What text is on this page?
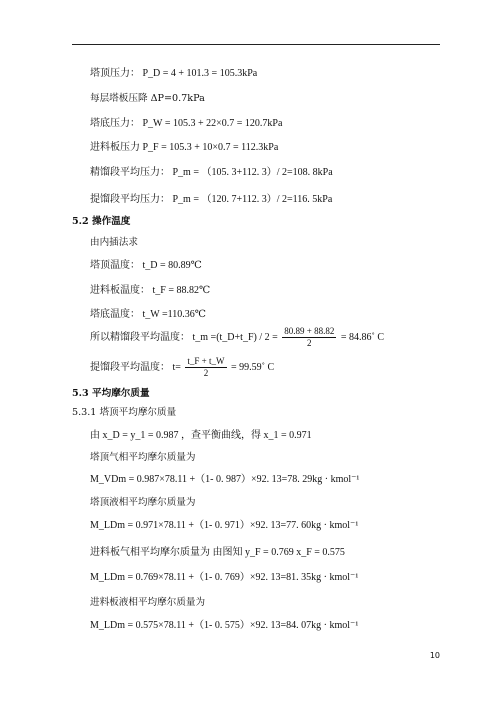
塔顶压力： P_D = 4 + 101.3 = 105.3kPa
每层塔板压降 ΔP=0.7kPa
塔底压力： P_W = 105.3 + 22×0.7 = 120.7kPa
进料板压力 P_F = 105.3 + 10×0.7 = 112.3kPa
精馏段平均压力： P_m = （105. 3+112. 3）/ 2=108. 8kPa
提馏段平均压力： P_m = （120. 7+112. 3）/ 2=116. 5kPa
5.2 操作温度
由内插法求
塔顶温度： t_D = 80.89℃
进料板温度： t_F = 88.82℃
塔底温度： t_W =110.36℃
所以精馏段平均温度： t_m =(t_D+t_F) / $2 = \frac{80.89 + 88.82}{2}$ = 84.86˚ C
提馏段平均温度： $t= \frac{t\_F + t\_W}{2}$ = 99.59˚ C
5.3 平均摩尔质量
5.3.1 塔顶平均摩尔质量
由 x_D = y_1 = 0.987 ，查平衡曲线，得 x_1 = 0.971
塔顶气相平均摩尔质量为
M_VDm = 0.987×78.11 +（1- 0. 987）×92. 13=78. 29kg · kmol⁻¹
塔顶液相平均摩尔质量为
M_LDm = 0.971×78.11 +（1- 0. 971）×92. 13=77. 60kg · kmol⁻¹
进料板气相平均摩尔质量为 由图知 y_F = 0.769 x_F = 0.575
M_LDm = 0.769×78.11 +（1- 0. 769）×92. 13=81. 35kg · kmol⁻¹
进料板液相平均摩尔质量为
M_LDm = 0.575×78.11 +（1- 0. 575）×92. 13=84. 07kg · kmol⁻¹
10
